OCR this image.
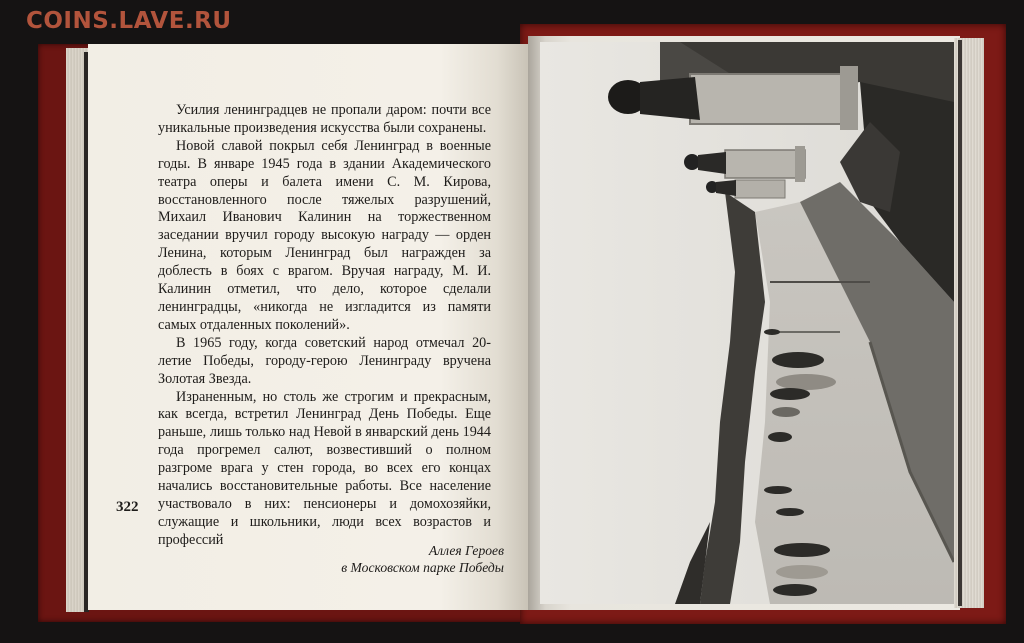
COINS.LAVE.RU

Усилия ленинградцев не пропали даром: почти все уникальные произведения искусства были сохранены.

Новой славой покрыл себя Ленинград в военные годы. В январе 1945 года в здании Академического театра оперы и балета имени С. М. Кирова, восстановленного после тяжелых разрушений, Михаил Иванович Калинин на торжественном заседании вручил городу высокую награду — орден Ленина, которым Ленинград был награжден за доблесть в боях с врагом. Вручая награду, М. И. Калинин отметил, что дело, которое сделали ленинградцы, «никогда не изгладится из памяти самых отдаленных поколений».

В 1965 году, когда советский народ отмечал 20-летие Победы, городу-герою Ленинграду вручена Золотая Звезда.

Израненным, но столь же строгим и прекрасным, как всегда, встретил Ленинград День Победы. Еще раньше, лишь только над Невой в январский день 1944 года прогремел салют, возвестивший о полном разгроме врага у стен города, во всех его концах начались восстановительные работы. Все население участвовало в них: пенсионеры и домохозяйки, служащие и школьники, люди всех возрастов и профессий

322
Аллея Героев
в Московском парке Победы
